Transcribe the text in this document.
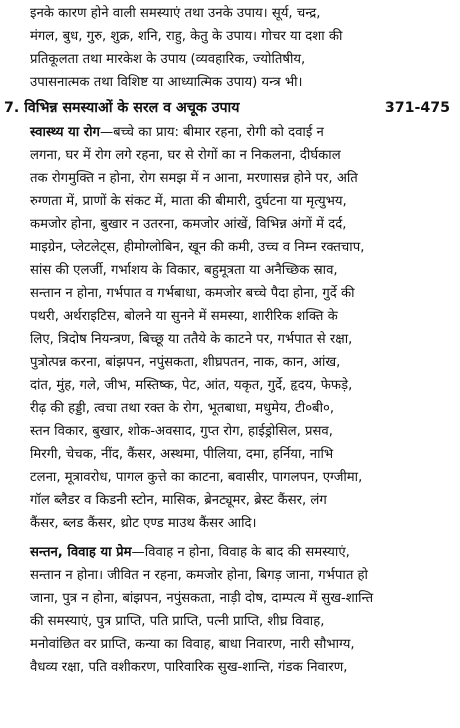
इनके कारण होने वाली समस्याएं तथा उनके उपाय। सूर्य, चन्द्र,
मंगल, बुध, गुरु, शुक्र, शनि, राहु, केतु के उपाय। गोचर या दशा की
प्रतिकूलता तथा मारकेश के उपाय (व्यवहारिक, ज्योतिषीय,
उपासनात्मक तथा विशिष्ट या आध्यात्मिक उपाय) यन्त्र भी।
7. विभिन्न समस्याओं के सरल व अचूक उपाय	371-475
स्वास्थ्य या रोग—बच्चे का प्राय: बीमार रहना, रोगी को दवाई न
लगना, घर में रोग लगे रहना, घर से रोगों का न निकलना, दीर्घकाल
तक रोगमुक्ति न होना, रोग समझ में न आना, मरणासन्न होने पर, अति
रुग्णता में, प्राणों के संकट में, माता की बीमारी, दुर्घटना या मृत्युभय,
कमजोर होना, बुखार न उतरना, कमजोर आंखें, विभिन्न अंगों में दर्द,
माइग्रेन, प्लेटलेट्स, हीमोग्लोबिन, खून की कमी, उच्च व निम्न रक्तचाप,
सांस की एलर्जी, गर्भाशय के विकार, बहुमूत्रता या अनैच्छिक स्राव,
सन्तान न होना, गर्भपात व गर्भबाधा, कमजोर बच्चे पैदा होना, गुर्दे की
पथरी, अर्थराइटिस, बोलने या सुनने में समस्या, शारीरिक शक्ति के
लिए, त्रिदोष नियन्त्रण, बिच्छू या ततैये के काटने पर, गर्भपात से रक्षा,
पुत्रोत्पन्न करना, बांझपन, नपुंसकता, शीघ्रपतन, नाक, कान, आंख,
दांत, मुंह, गले, जीभ, मस्तिष्क, पेट, आंत, यकृत, गुर्दे, हृदय, फेफड़े,
रीढ़ की हड्डी, त्वचा तथा रक्त के रोग, भूतबाधा, मधुमेय, टी०बी०,
स्तन विकार, बुखार, शोक-अवसाद, गुप्त रोग, हाईड्रोसिल, प्रसव,
मिरगी, चेचक, नींद, कैंसर, अस्थमा, पीलिया, दमा, हर्निया, नाभि
टलना, मूत्रावरोध, पागल कुत्ते का काटना, बवासीर, पागलपन, एग्जीमा,
गॉल ब्लैडर व किडनी स्टोन, मासिक, ब्रेनट्यूमर, ब्रेस्ट कैंसर, लंग
कैंसर, ब्लड कैंसर, थ्रोट एण्ड माउथ कैंसर आदि।
सन्तन, विवाह या प्रेम—विवाह न होना, विवाह के बाद की समस्याएं,
सन्तान न होना। जीवित न रहना, कमजोर होना, बिगड़ जाना, गर्भपात हो
जाना, पुत्र न होना, बांझपन, नपुंसकता, नाड़ी दोष, दाम्पत्य में सुख-शान्ति
की समस्याएं, पुत्र प्राप्ति, पति प्राप्ति, पत्नी प्राप्ति, शीघ्र विवाह,
मनोवांछित वर प्राप्ति, कन्या का विवाह, बाधा निवारण, नारी सौभाग्य,
वैधव्य रक्षा, पति वशीकरण, पारिवारिक सुख-शान्ति, गंडक निवारण,
